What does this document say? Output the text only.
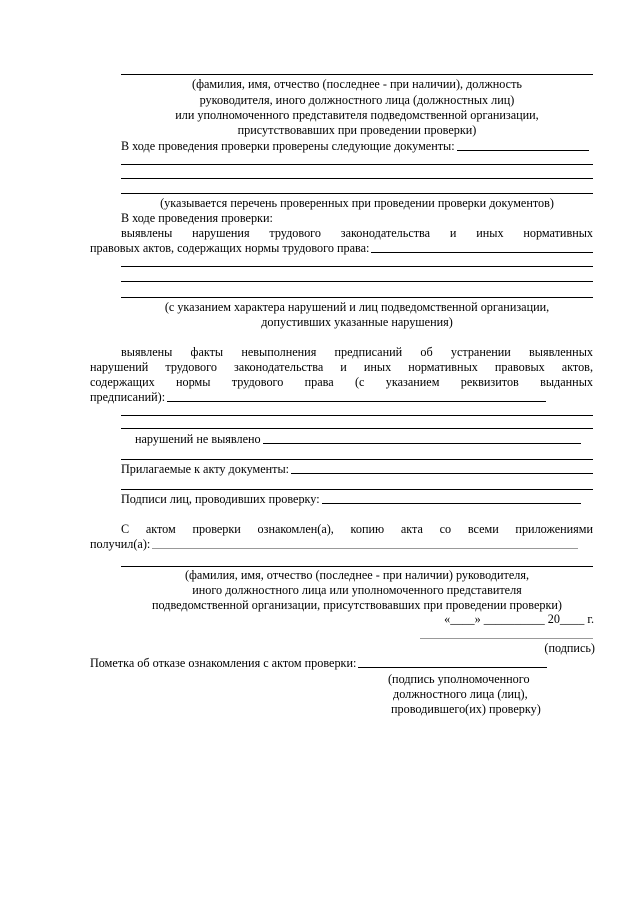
(фамилия, имя, отчество (последнее - при наличии), должность
руководителя, иного должностного лица (должностных лиц)
или уполномоченного представителя подведомственной организации,
присутствовавших при проведении проверки)
В ходе проведения проверки проверены следующие документы:
(указывается перечень проверенных при проведении проверки документов)
В ходе проведения проверки:
выявлены нарушения трудового законодательства и иных нормативных
правовых актов, содержащих нормы трудового права:
(с указанием характера нарушений и лиц подведомственной организации,
допустивших указанные нарушения)
выявлены факты невыполнения предписаний об устранении выявленных
нарушений трудового законодательства и иных нормативных правовых актов,
содержащих нормы трудового права (с указанием реквизитов выданных
предписаний):
нарушений не выявлено
Прилагаемые к акту документы:
Подписи лиц, проводивших проверку:
С актом проверки ознакомлен(а), копию акта со всеми приложениями
получил(а):
(фамилия, имя, отчество (последнее - при наличии) руководителя,
иного должностного лица или уполномоченного представителя
подведомственной организации, присутствовавших при проведении проверки)
«____» __________ 20____ г.
(подпись)
Пометка об отказе ознакомления с актом проверки:
(подпись уполномоченного
должностного лица (лиц),
проводившего(их) проверку)
